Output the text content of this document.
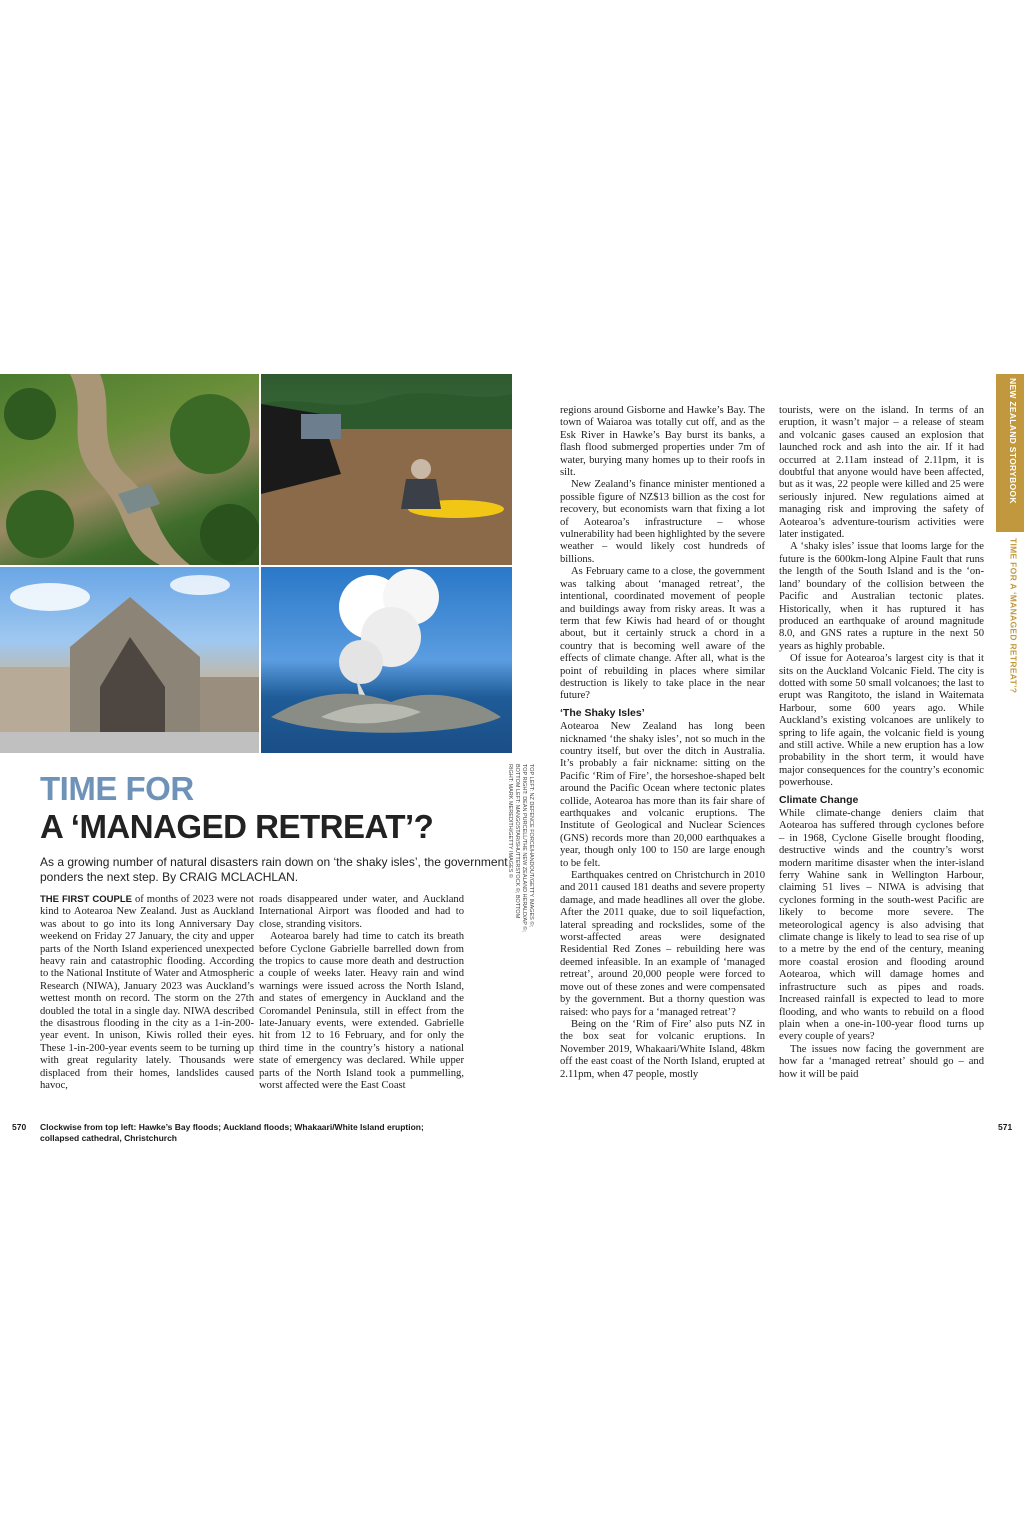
NEW ZEALAND STORYBOOK
TIME FOR A ‘MANAGED RETREAT’?
TIME FOR
A ‘MANAGED RETREAT’?
As a growing number of natural disasters rain down on ‘the shaky isles’, the government ponders the next step. By CRAIG MCLACHLAN.

THE FIRST COUPLE of months of 2023 were not kind to Aotearoa New Zealand. Just as Auckland was about to go into its long Anniversary Day weekend on Friday 27 January, the city and upper parts of the North Island experienced unexpected heavy rain and catastrophic flooding. According to the National Institute of Water and Atmospheric Research (NIWA), January 2023 was Auckland’s wettest month on record. The storm on the 27th doubled the total in a single day. NIWA described the disastrous flooding in the city as a 1-in-200-year event. In unison, Kiwis rolled their eyes. These 1-in-200-year events seem to be turning up with great regularity lately. Thousands were displaced from their homes, landslides caused havoc,

roads disappeared under water, and Auckland International Airport was flooded and had to close, stranding visitors.

Aotearoa barely had time to catch its breath before Cyclone Gabrielle barrelled down from the tropics to cause more death and destruction a couple of weeks later. Heavy rain and wind warnings were issued across the North Island, and states of emergency in Auckland and the Coromandel Peninsula, still in effect from the late-January events, were extended. Gabrielle hit from 12 to 16 February, and for only the third time in the country’s history a national state of emergency was declared. While upper parts of the North Island took a pummelling, worst affected were the East Coast

TOP LEFT: NZ DEFENCE FORCE/HANDOUT/GETTY IMAGES ©; TOP RIGHT: DEAN PURCELL/THE NEW ZEALAND HERALD/AP ©; BOTTOM LEFT: MANGOSTAR/SHUTTERSTOCK ©; BOTTOM RIGHT: MARK MEREDITH/GETTY IMAGES ©

regions around Gisborne and Hawke’s Bay. The town of Waiaroa was totally cut off, and as the Esk River in Hawke’s Bay burst its banks, a flash flood submerged properties under 7m of water, burying many homes up to their roofs in silt.

New Zealand’s finance minister mentioned a possible figure of NZ$13 billion as the cost for recovery, but economists warn that fixing a lot of Aotearoa’s infrastructure – whose vulnerability had been highlighted by the severe weather – would likely cost hundreds of billions.

As February came to a close, the government was talking about ‘managed retreat’, the intentional, coordinated movement of people and buildings away from risky areas. It was a term that few Kiwis had heard of or thought about, but it certainly struck a chord in a country that is becoming well aware of the effects of climate change. After all, what is the point of rebuilding in places where similar destruction is likely to take place in the near future?

‘The Shaky Isles’

Aotearoa New Zealand has long been nicknamed ‘the shaky isles’, not so much in the country itself, but over the ditch in Australia. It’s probably a fair nickname: sitting on the Pacific ‘Rim of Fire’, the horseshoe-shaped belt around the Pacific Ocean where tectonic plates collide, Aotearoa has more than its fair share of earthquakes and volcanic eruptions. The Institute of Geological and Nuclear Sciences (GNS) records more than 20,000 earthquakes a year, though only 100 to 150 are large enough to be felt.

Earthquakes centred on Christchurch in 2010 and 2011 caused 181 deaths and severe property damage, and made headlines all over the globe. After the 2011 quake, due to soil liquefaction, lateral spreading and rockslides, some of the worst-affected areas were designated Residential Red Zones – rebuilding here was deemed infeasible. In an example of ‘managed retreat’, around 20,000 people were forced to move out of these zones and were compensated by the government. But a thorny question was raised: who pays for a ‘managed retreat’?

Being on the ‘Rim of Fire’ also puts NZ in the box seat for volcanic eruptions. In November 2019, Whakaari/White Island, 48km off the east coast of the North Island, erupted at 2.11pm, when 47 people, mostly

tourists, were on the island. In terms of an eruption, it wasn’t major – a release of steam and volcanic gases caused an explosion that launched rock and ash into the air. If it had occurred at 2.11am instead of 2.11pm, it is doubtful that anyone would have been affected, but as it was, 22 people were killed and 25 were seriously injured. New regulations aimed at managing risk and improving the safety of Aotearoa’s adventure-tourism activities were later instigated.

A ‘shaky isles’ issue that looms large for the future is the 600km-long Alpine Fault that runs the length of the South Island and is the ‘on-land’ boundary of the collision between the Pacific and Australian tectonic plates. Historically, when it has ruptured it has produced an earthquake of around magnitude 8.0, and GNS rates a rupture in the next 50 years as highly probable.

Of issue for Aotearoa’s largest city is that it sits on the Auckland Volcanic Field. The city is dotted with some 50 small volcanoes; the last to erupt was Rangitoto, the island in Waitemata Harbour, some 600 years ago. While Auckland’s existing volcanoes are unlikely to spring to life again, the volcanic field is young and still active. While a new eruption has a low probability in the short term, it would have major consequences for the country’s economic powerhouse.

Climate Change

While climate-change deniers claim that Aotearoa has suffered through cyclones before – in 1968, Cyclone Giselle brought flooding, destructive winds and the country’s worst modern maritime disaster when the inter-island ferry Wahine sank in Wellington Harbour, claiming 51 lives – NIWA is advising that cyclones forming in the south-west Pacific are likely to become more severe. The meteorological agency is also advising that climate change is likely to lead to sea rise of up to a metre by the end of the century, meaning more coastal erosion and flooding around Aotearoa, which will damage homes and infrastructure such as pipes and roads. Increased rainfall is expected to lead to more flooding, and who wants to rebuild on a flood plain when a one-in-100-year flood turns up every couple of years?

The issues now facing the government are how far a ‘managed retreat’ should go – and how it will be paid

570 Clockwise from top left: Hawke’s Bay floods; Auckland floods; Whakaari/White Island eruption; collapsed cathedral, Christchurch
571
